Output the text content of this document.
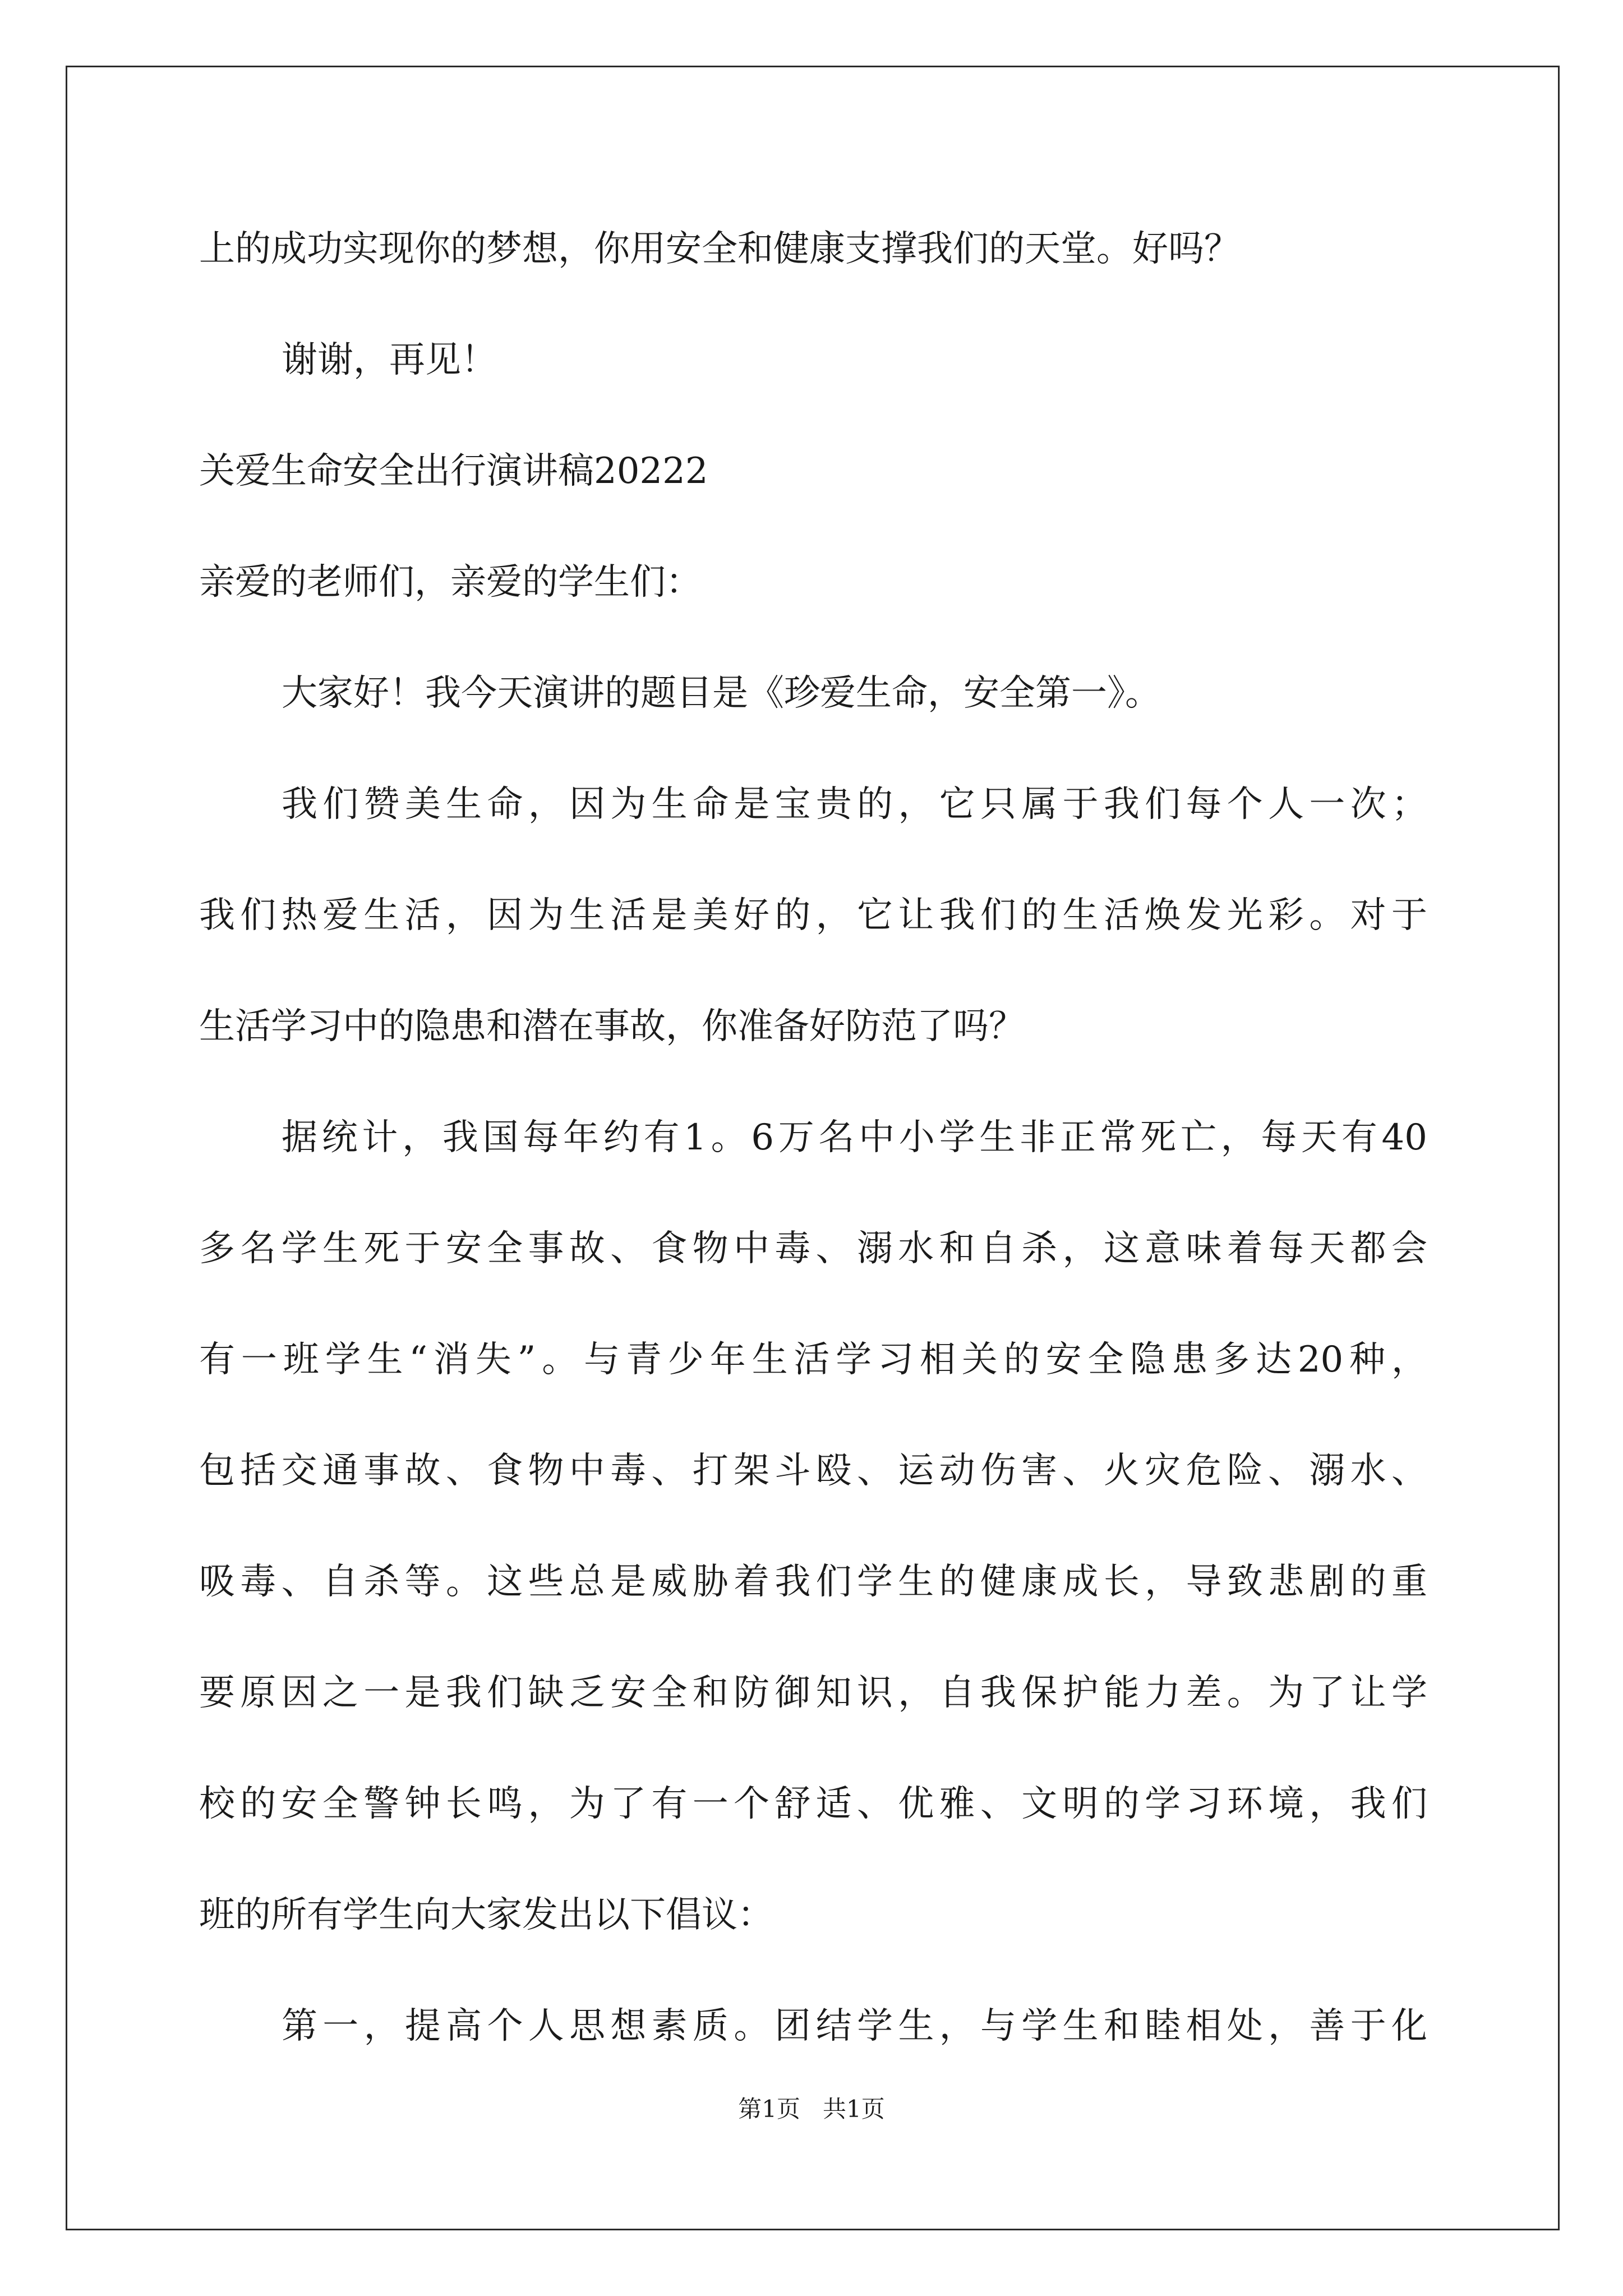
上的成功实现你的梦想，你用安全和健康支撑我们的天堂。好吗？
谢谢，再见！
关爱生命安全出行演讲稿20222
亲爱的老师们，亲爱的学生们：
大家好！我今天演讲的题目是《珍爱生命，安全第一》。
我们赞美生命，因为生命是宝贵的，它只属于我们每个人一次；
我们热爱生活，因为生活是美好的，它让我们的生活焕发光彩。对于
生活学习中的隐患和潜在事故，你准备好防范了吗？
据统计，我国每年约有1。6万名中小学生非正常死亡，每天有40
多名学生死于安全事故、食物中毒、溺水和自杀，这意味着每天都会
有一班学生“消失”。与青少年生活学习相关的安全隐患多达20种，
包括交通事故、食物中毒、打架斗殴、运动伤害、火灾危险、溺水、
吸毒、自杀等。这些总是威胁着我们学生的健康成长，导致悲剧的重
要原因之一是我们缺乏安全和防御知识，自我保护能力差。为了让学
校的安全警钟长鸣，为了有一个舒适、优雅、文明的学习环境，我们
班的所有学生向大家发出以下倡议：
第一，提高个人思想素质。团结学生，与学生和睦相处，善于化
第1页   共1页
